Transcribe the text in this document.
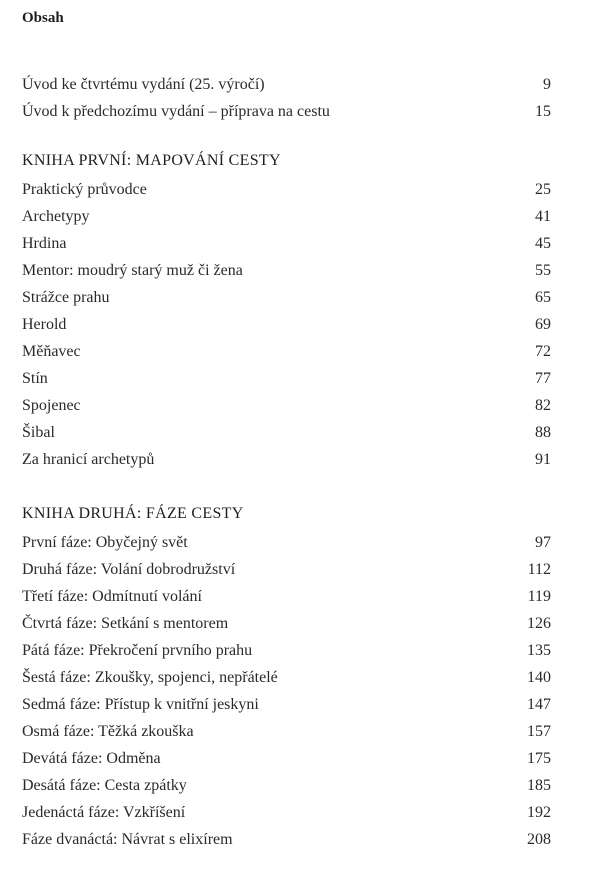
Obsah
Úvod ke čtvrtému vydání (25. výročí)	9
Úvod k předchozímu vydání – příprava na cestu	15
KNIHA PRVNÍ: MAPOVÁNÍ CESTY
Praktický průvodce	25
Archetypy	41
Hrdina	45
Mentor: moudrý starý muž či žena	55
Strážce prahu	65
Herold	69
Měňavec	72
Stín	77
Spojenec	82
Šibal	88
Za hranicí archetypů	91
KNIHA DRUHÁ: FÁZE CESTY
První fáze: Obyčejný svět	97
Druhá fáze: Volání dobrodružství	112
Třetí fáze: Odmítnutí volání	119
Čtvrtá fáze: Setkání s mentorem	126
Pátá fáze: Překročení prvního prahu	135
Šestá fáze: Zkoušky, spojenci, nepřátelé	140
Sedmá fáze: Přístup k vnitřní jeskyni	147
Osmá fáze: Těžká zkouška	157
Devátá fáze: Odměna	175
Desátá fáze: Cesta zpátky	185
Jedenáctá fáze: Vzkříšení	192
Fáze dvanáctá: Návrat s elixírem	208
